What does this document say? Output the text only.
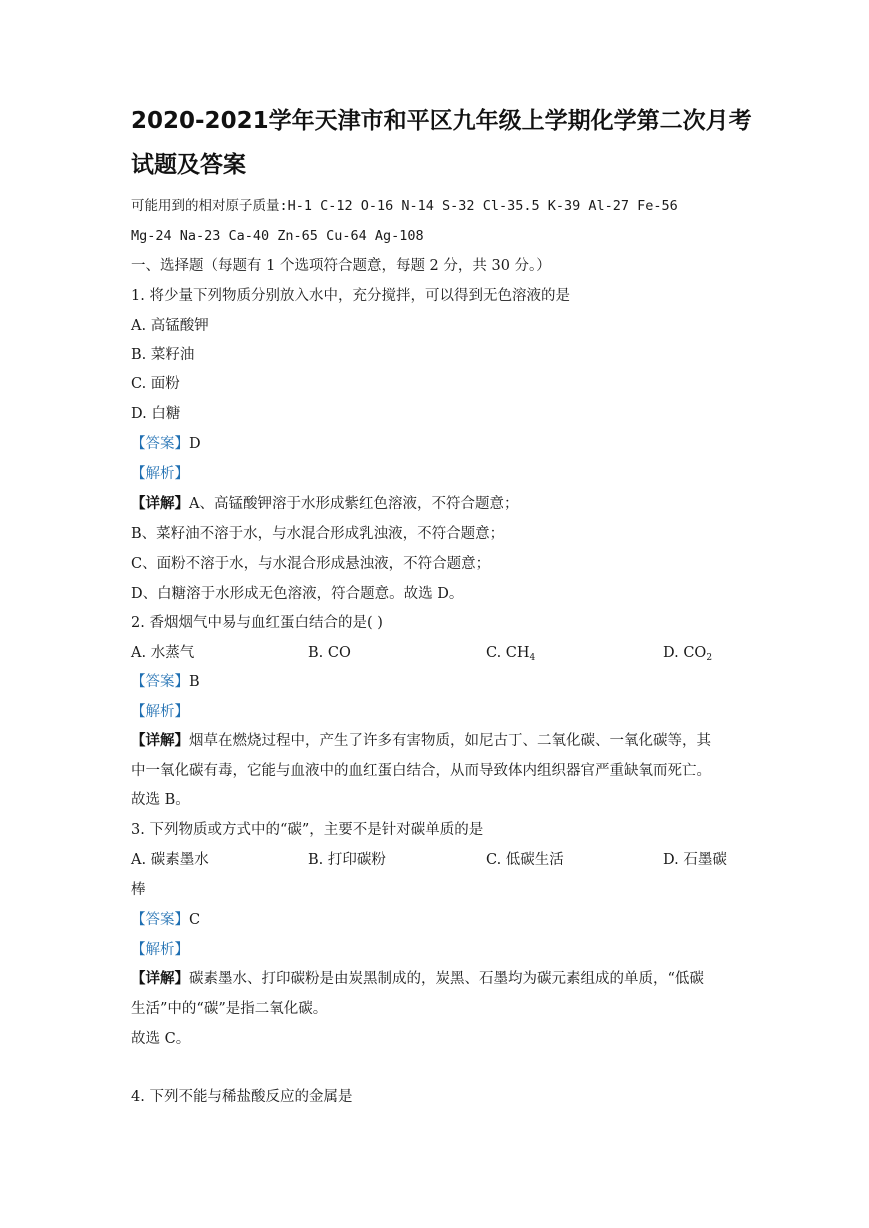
2020-2021学年天津市和平区九年级上学期化学第二次月考
试题及答案
可能用到的相对原子质量:H-1 C-12 O-16 N-14 S-32 Cl-35.5 K-39 Al-27 Fe-56
Mg-24 Na-23 Ca-40 Zn-65 Cu-64 Ag-108
一、选择题（每题有 1 个选项符合题意，每题 2 分，共 30 分。）
1. 将少量下列物质分别放入水中，充分搅拌，可以得到无色溶液的是
A. 高锰酸钾
B. 菜籽油
C. 面粉
D. 白糖
【答案】D
【解析】
【详解】A、高锰酸钾溶于水形成紫红色溶液，不符合题意；
B、菜籽油不溶于水，与水混合形成乳浊液，不符合题意；
C、面粉不溶于水，与水混合形成悬浊液，不符合题意；
D、白糖溶于水形成无色溶液，符合题意。故选 D。
2. 香烟烟气中易与血红蛋白结合的是( )
A. 水蒸气	B. CO	C. $CH_4$	D. $CO_2$
【答案】B
【解析】
【详解】烟草在燃烧过程中，产生了许多有害物质，如尼古丁、二氧化碳、一氧化碳等，其
中一氧化碳有毒，它能与血液中的血红蛋白结合，从而导致体内组织器官严重缺氧而死亡。
故选 B。
3. 下列物质或方式中的“碳”，主要不是针对碳单质的是
A. 碳素墨水	B. 打印碳粉	C. 低碳生活	D. 石墨碳
棒
【答案】C
【解析】
【详解】碳素墨水、打印碳粉是由炭黑制成的，炭黑、石墨均为碳元素组成的单质，“低碳
生活”中的“碳”是指二氧化碳。
故选 C。
4. 下列不能与稀盐酸反应的金属是
